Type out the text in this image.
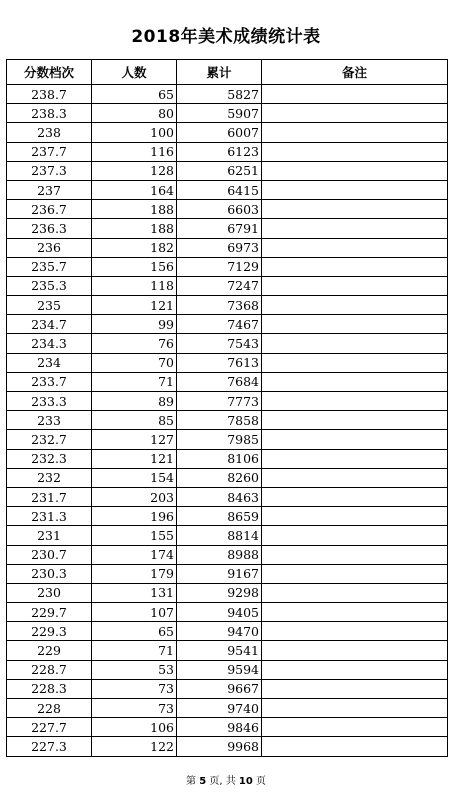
2018年美术成绩统计表
分数档次	人数	累计	备注
238.7	65	5827	
238.3	80	5907	
238	100	6007	
237.7	116	6123	
237.3	128	6251	
237	164	6415	
236.7	188	6603	
236.3	188	6791	
236	182	6973	
235.7	156	7129	
235.3	118	7247	
235	121	7368	
234.7	99	7467	
234.3	76	7543	
234	70	7613	
233.7	71	7684	
233.3	89	7773	
233	85	7858	
232.7	127	7985	
232.3	121	8106	
232	154	8260	
231.7	203	8463	
231.3	196	8659	
231	155	8814	
230.7	174	8988	
230.3	179	9167	
230	131	9298	
229.7	107	9405	
229.3	65	9470	
229	71	9541	
228.7	53	9594	
228.3	73	9667	
228	73	9740	
227.7	106	9846	
227.3	122	9968	
第 5 页, 共 10 页
